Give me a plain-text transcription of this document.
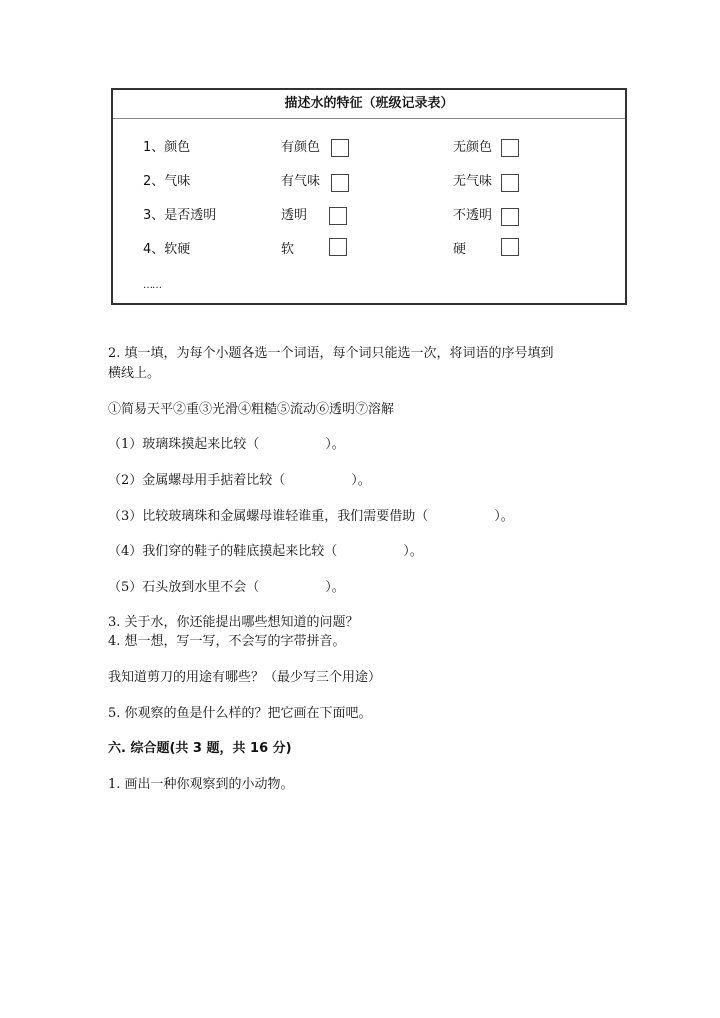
描述水的特征（班级记录表）
1、颜色	有颜色	无颜色
2、气味	有气味	无气味
3、是否透明	透明	不透明
4、软硬	软	硬
……
2. 填一填，为每个小题各选一个词语，每个词只能选一次，将词语的序号填到
横线上。
①简易天平②重③光滑④粗糙⑤流动⑥透明⑦溶解
（1）玻璃珠摸起来比较（	）。
（2）金属螺母用手掂着比较（	）。
（3）比较玻璃珠和金属螺母谁轻谁重，我们需要借助（	）。
（4）我们穿的鞋子的鞋底摸起来比较（	）。
（5）石头放到水里不会（	）。
3. 关于水，你还能提出哪些想知道的问题？
4. 想一想，写一写，不会写的字带拼音。
我知道剪刀的用途有哪些？（最少写三个用途）
5. 你观察的鱼是什么样的？把它画在下面吧。
六. 综合题(共 3 题，共 16 分)
1. 画出一种你观察到的小动物。
